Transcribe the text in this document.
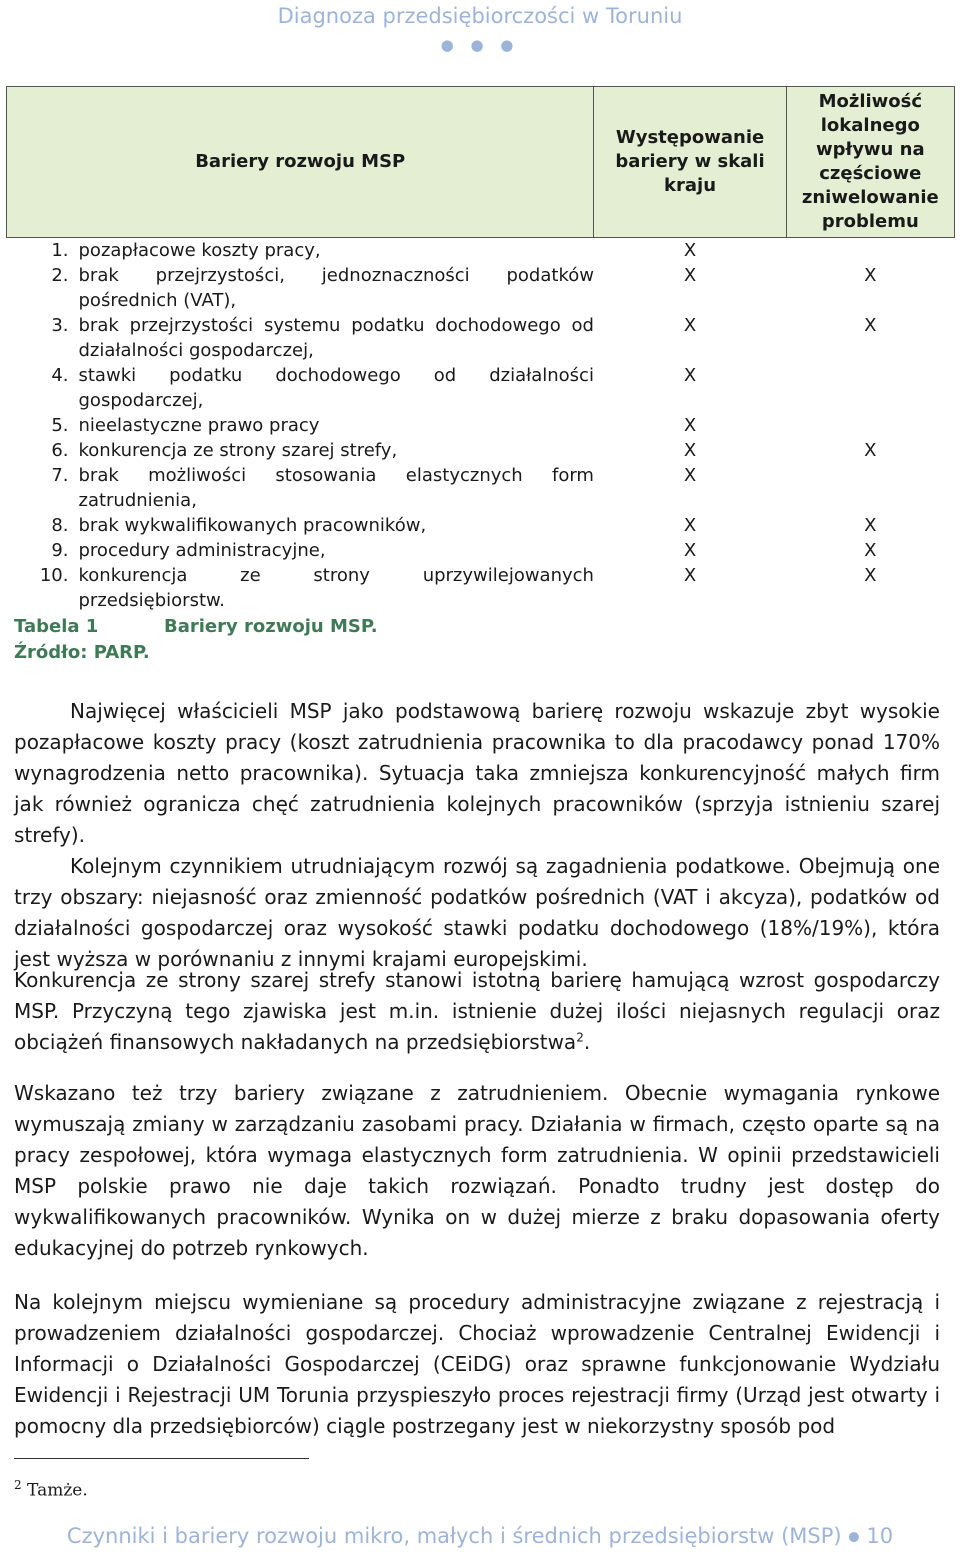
Diagnoza przedsiębiorczości w Toruniu
● ● ●
Bariery rozwoju MSP	Występowanie bariery w skali kraju	Możliwość lokalnego wpływu na częściowe zniwelowanie problemu

1. pozapłacowe koszty pracy,	X	

2. brak przejrzystości, jednoznaczności podatków	X	X

pośrednich (VAT),		

3. brak przejrzystości systemu podatku dochodowego od	X	X

działalności gospodarczej,		

4. stawki podatku dochodowego od działalności	X	

gospodarczej,		

5. nieelastyczne prawo pracy	X	

6. konkurencja ze strony szarej strefy,	X	X

7. brak możliwości stosowania elastycznych form	X	

zatrudnienia,		

8. brak wykwalifikowanych pracowników,	X	X

9. procedury administracyjne,	X	X

10. konkurencja ze strony uprzywilejowanych	X	X

przedsiębiorstw.		

Tabela 1	Bariery rozwoju MSP.
Źródło: PARP.

Najwięcej właścicieli MSP jako podstawową barierę rozwoju wskazuje zbyt wysokie pozapłacowe koszty pracy (koszt zatrudnienia pracownika to dla pracodawcy ponad 170% wynagrodzenia netto pracownika). Sytuacja taka zmniejsza konkurencyjność małych firm jak również ogranicza chęć zatrudnienia kolejnych pracowników (sprzyja istnieniu szarej strefy).

Kolejnym czynnikiem utrudniającym rozwój są zagadnienia podatkowe. Obejmują one trzy obszary: niejasność oraz zmienność podatków pośrednich (VAT i akcyza), podatków od działalności gospodarczej oraz wysokość stawki podatku dochodowego (18%/19%), która jest wyższa w porównaniu z innymi krajami europejskimi.

Konkurencja ze strony szarej strefy stanowi istotną barierę hamującą wzrost gospodarczy MSP. Przyczyną tego zjawiska jest m.in. istnienie dużej ilości niejasnych regulacji oraz obciążeń finansowych nakładanych na przedsiębiorstwa$^2$.

Wskazano też trzy bariery związane z zatrudnieniem. Obecnie wymagania rynkowe wymuszają zmiany w zarządzaniu zasobami pracy. Działania w firmach, często oparte są na pracy zespołowej, która wymaga elastycznych form zatrudnienia. W opinii przedstawicieli MSP polskie prawo nie daje takich rozwiązań. Ponadto trudny jest dostęp do wykwalifikowanych pracowników. Wynika on w dużej mierze z braku dopasowania oferty edukacyjnej do potrzeb rynkowych.

Na kolejnym miejscu wymieniane są procedury administracyjne związane z rejestracją i prowadzeniem działalności gospodarczej. Chociaż wprowadzenie Centralnej Ewidencji i Informacji o Działalności Gospodarczej (CEiDG) oraz sprawne funkcjonowanie Wydziału Ewidencji i Rejestracji UM Torunia przyspieszyło proces rejestracji firmy (Urząd jest otwarty i pomocny dla przedsiębiorców) ciągle postrzegany jest w niekorzystny sposób pod

$^2$ Tamże.
Czynniki i bariery rozwoju mikro, małych i średnich przedsiębiorstw (MSP) ● 10
